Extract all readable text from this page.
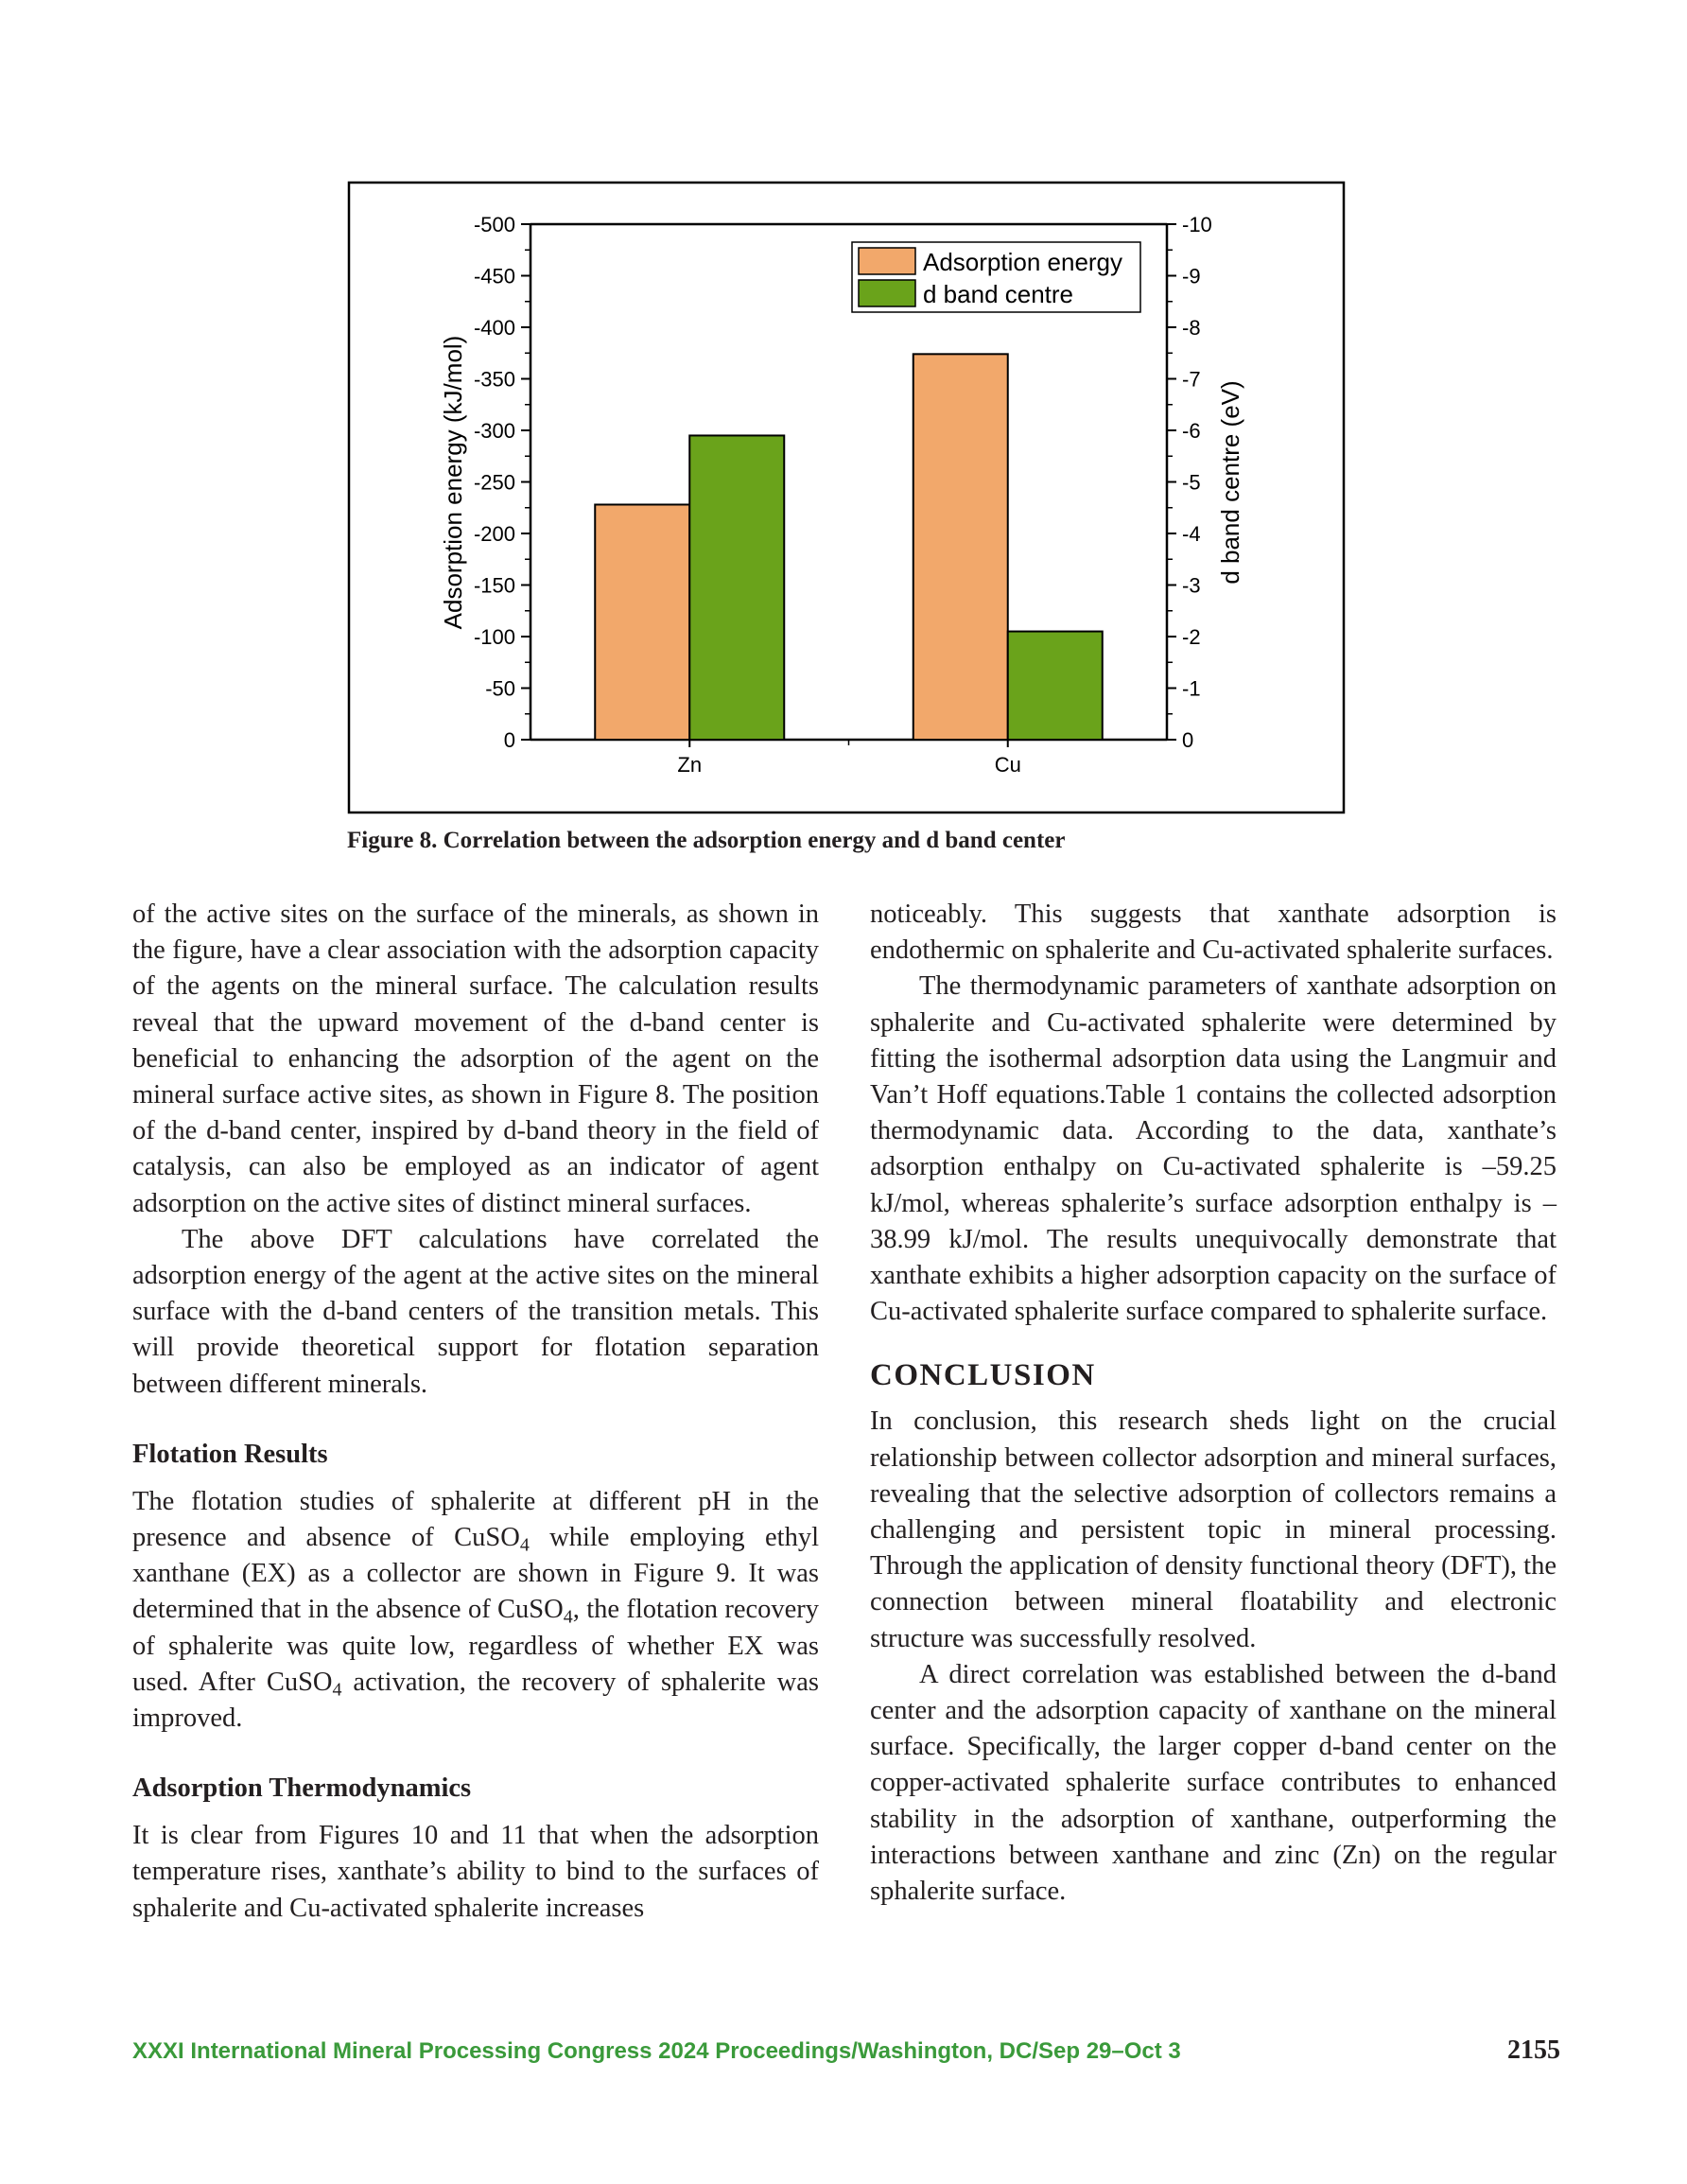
0
-50
-100
-150
-200
-250
-300
-350
-400
-450
-500
0
-1
-2
-3
-4
-5
-6
-7
-8
-9
-10
Zn	Cu
Adsorption energy (kJ/mol)	d band centre (eV)
Adsorption energy
d band centre
Figure 8. Correlation between the adsorption energy and d band center

of the active sites on the surface of the minerals, as shown in the figure, have a clear association with the adsorption capacity of the agents on the mineral surface. The calculation results reveal that the upward movement of the d-band center is beneficial to enhancing the adsorption of the agent on the mineral surface active sites, as shown in Figure 8. The position of the d-band center, inspired by d-band theory in the field of catalysis, can also be employed as an indicator of agent adsorption on the active sites of distinct mineral surfaces.

The above DFT calculations have correlated the adsorption energy of the agent at the active sites on the mineral surface with the d-band centers of the transition metals. This will provide theoretical support for flotation separation between different minerals.

Flotation Results

The flotation studies of sphalerite at different pH in the presence and absence of CuSO$_4$ while employing ethyl xanthane (EX) as a collector are shown in Figure 9. It was determined that in the absence of CuSO$_4$, the flotation recovery of sphalerite was quite low, regardless of whether EX was used. After CuSO$_4$ activation, the recovery of sphalerite was improved.

Adsorption Thermodynamics

It is clear from Figures 10 and 11 that when the adsorption temperature rises, xanthate’s ability to bind to the surfaces of sphalerite and Cu-activated sphalerite increases

noticeably. This suggests that xanthate adsorption is endothermic on sphalerite and Cu-activated sphalerite surfaces.

The thermodynamic parameters of xanthate adsorption on sphalerite and Cu-activated sphalerite were determined by fitting the isothermal adsorption data using the Langmuir and Van’t Hoff equations.Table 1 contains the collected adsorption thermodynamic data. According to the data, xanthate’s adsorption enthalpy on Cu-activated sphalerite is –59.25 kJ/mol, whereas sphalerite’s surface adsorption enthalpy is –38.99 kJ/mol. The results unequivocally demonstrate that xanthate exhibits a higher adsorption capacity on the surface of Cu-activated sphalerite surface compared to sphalerite surface.

CONCLUSION

In conclusion, this research sheds light on the crucial relationship between collector adsorption and mineral surfaces, revealing that the selective adsorption of collectors remains a challenging and persistent topic in mineral processing. Through the application of density functional theory (DFT), the connection between mineral floatability and electronic structure was successfully resolved.

A direct correlation was established between the d-band center and the adsorption capacity of xanthane on the mineral surface. Specifically, the larger copper d-band center on the copper-activated sphalerite surface contributes to enhanced stability in the adsorption of xanthane, outperforming the interactions between xanthane and zinc (Zn) on the regular sphalerite surface.

XXXI International Mineral Processing Congress 2024 Proceedings/Washington, DC/Sep 29–Oct 3	2155
